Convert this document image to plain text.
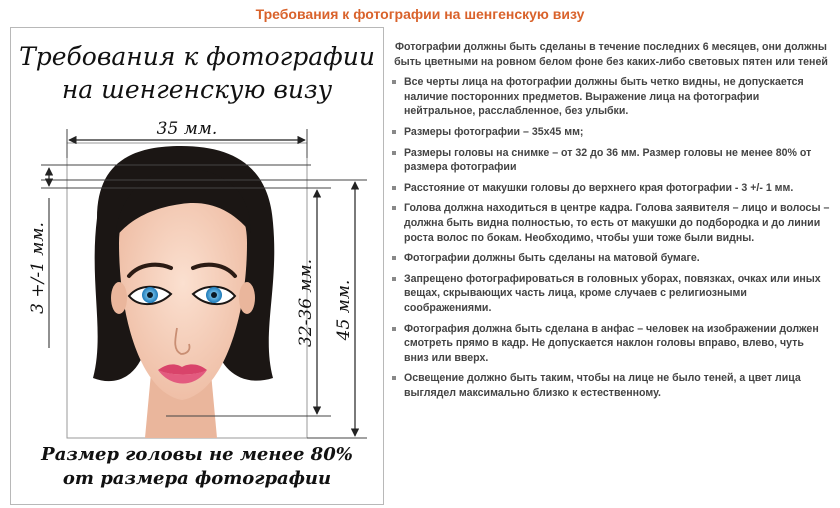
Требования к фотографии на шенгенскую визу
35 мм.
3 +/-1 мм.	32-36 мм. 45 мм.
Требования к фотографии
на шенгенскую визу
Размер головы не менее 80%
от размера фотографии

Фотографии должны быть сделаны в течение последних 6 месяцев, они должны быть цветными на ровном белом фоне без каких-либо световых пятен или теней

Все черты лица на фотографии должны быть четко видны, не допускается наличие посторонних предметов. Выражение лица на фотографии нейтральное, расслабленное, без улыбки.
Размеры фотографии – 35х45 мм;
Размеры головы на снимке – от 32 до 36 мм. Размер головы не менее 80% от размера фотографии
Расстояние от макушки головы до верхнего края фотографии - 3 +/- 1 мм.
Голова должна находиться в центре кадра. Голова заявителя – лицо и волосы – должна быть видна полностью, то есть от макушки до подбородка и до линии роста волос по бокам. Необходимо, чтобы уши тоже были видны.
Фотографии должны быть сделаны на матовой бумаге.
Запрещено фотографироваться в головных уборах, повязках, очках или иных вещах, скрывающих часть лица, кроме случаев с религиозными соображениями.
Фотография должна быть сделана в анфас – человек на изображении должен смотреть прямо в кадр. Не допускается наклон головы вправо, влево, чуть вниз или вверх.
Освещение должно быть таким, чтобы на лице не было теней, а цвет лица выглядел максимально близко к естественному.
